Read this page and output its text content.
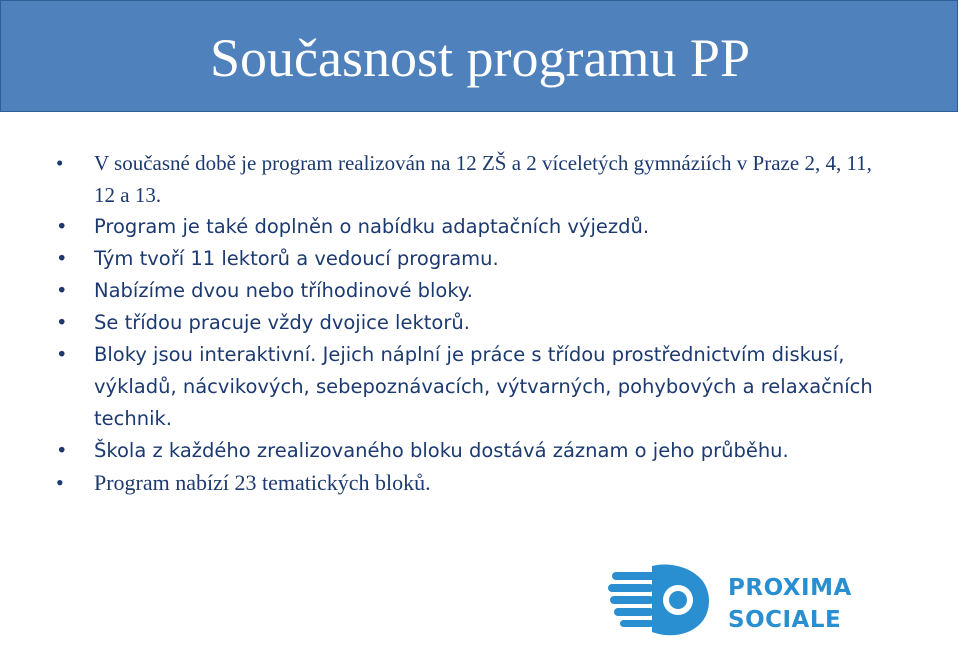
Současnost programu PP
• V současné době je program realizován na 12 ZŠ a 2 víceletých gymnáziích v Praze 2, 4, 11, 12 a 13.
• Program je také doplněn o nabídku adaptačních výjezdů.
• Tým tvoří 11 lektorů a vedoucí programu.
• Nabízíme dvou nebo tříhodinové bloky.
• Se třídou pracuje vždy dvojice lektorů.
• Bloky jsou interaktivní. Jejich náplní je práce s třídou prostřednictvím diskusí, výkladů, nácvikových, sebepoznávacích, výtvarných, pohybových a relaxačních technik.
• Škola z každého zrealizovaného bloku dostává záznam o jeho průběhu.
• Program nabízí 23 tematických bloků.
PROXIMA
SOCIALE
